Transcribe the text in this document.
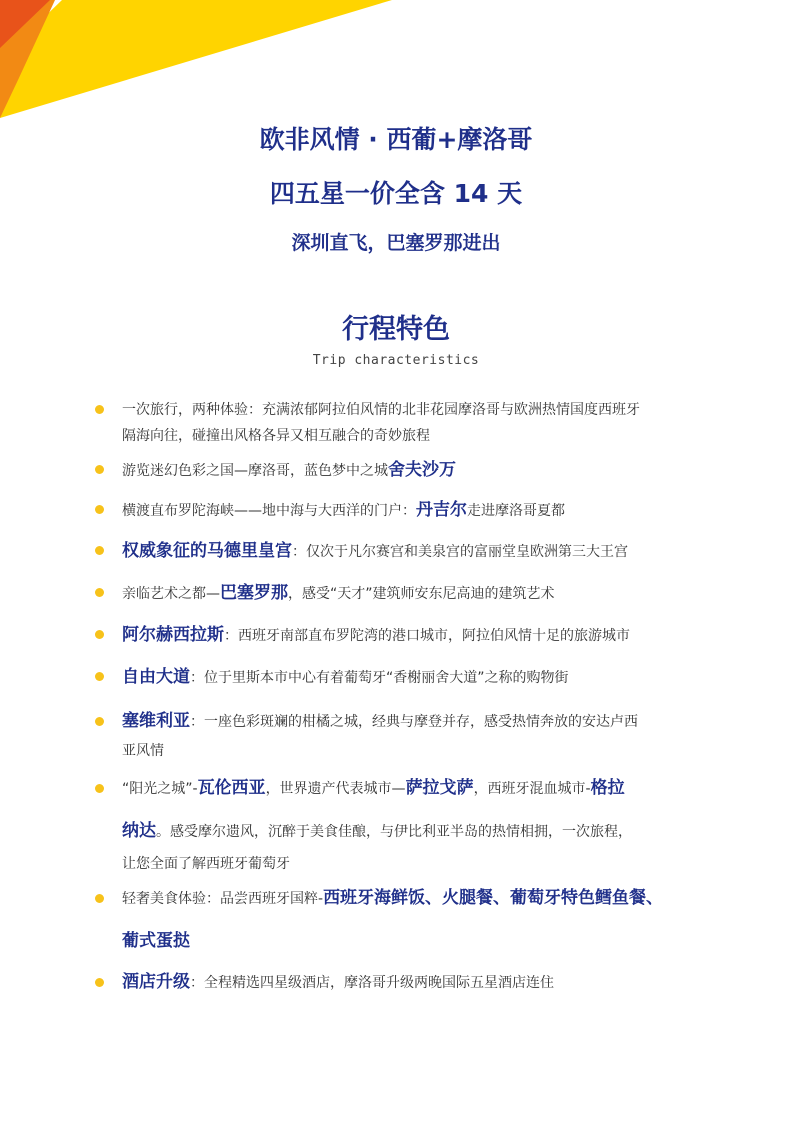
欧非风情 · 西葡+摩洛哥
四五星一价全含 14 天
深圳直飞，巴塞罗那进出
行程特色
Trip characteristics
一次旅行，两种体验：充满浓郁阿拉伯风情的北非花园摩洛哥与欧洲热情国度西班牙
隔海向往，碰撞出风格各异又相互融合的奇妙旅程
游览迷幻色彩之国—摩洛哥，蓝色梦中之城舍夫沙万
横渡直布罗陀海峡——地中海与大西洋的门户：丹吉尔走进摩洛哥夏都
权威象征的马德里皇宫：仅次于凡尔赛宫和美泉宫的富丽堂皇欧洲第三大王宫
亲临艺术之都—巴塞罗那，感受“天才”建筑师安东尼高迪的建筑艺术
阿尔赫西拉斯：西班牙南部直布罗陀湾的港口城市，阿拉伯风情十足的旅游城市
自由大道：位于里斯本市中心有着葡萄牙“香榭丽舍大道”之称的购物街
塞维利亚：一座色彩斑斓的柑橘之城，经典与摩登并存，感受热情奔放的安达卢西
亚风情
“阳光之城”-瓦伦西亚，世界遗产代表城市—萨拉戈萨，西班牙混血城市-格拉
纳达。感受摩尔遗风，沉醉于美食佳酿，与伊比利亚半岛的热情相拥，一次旅程，
让您全面了解西班牙葡萄牙
轻奢美食体验：品尝西班牙国粹-西班牙海鲜饭、火腿餐、葡萄牙特色鳕鱼餐、
葡式蛋挞
酒店升级：全程精选四星级酒店，摩洛哥升级两晚国际五星酒店连住
